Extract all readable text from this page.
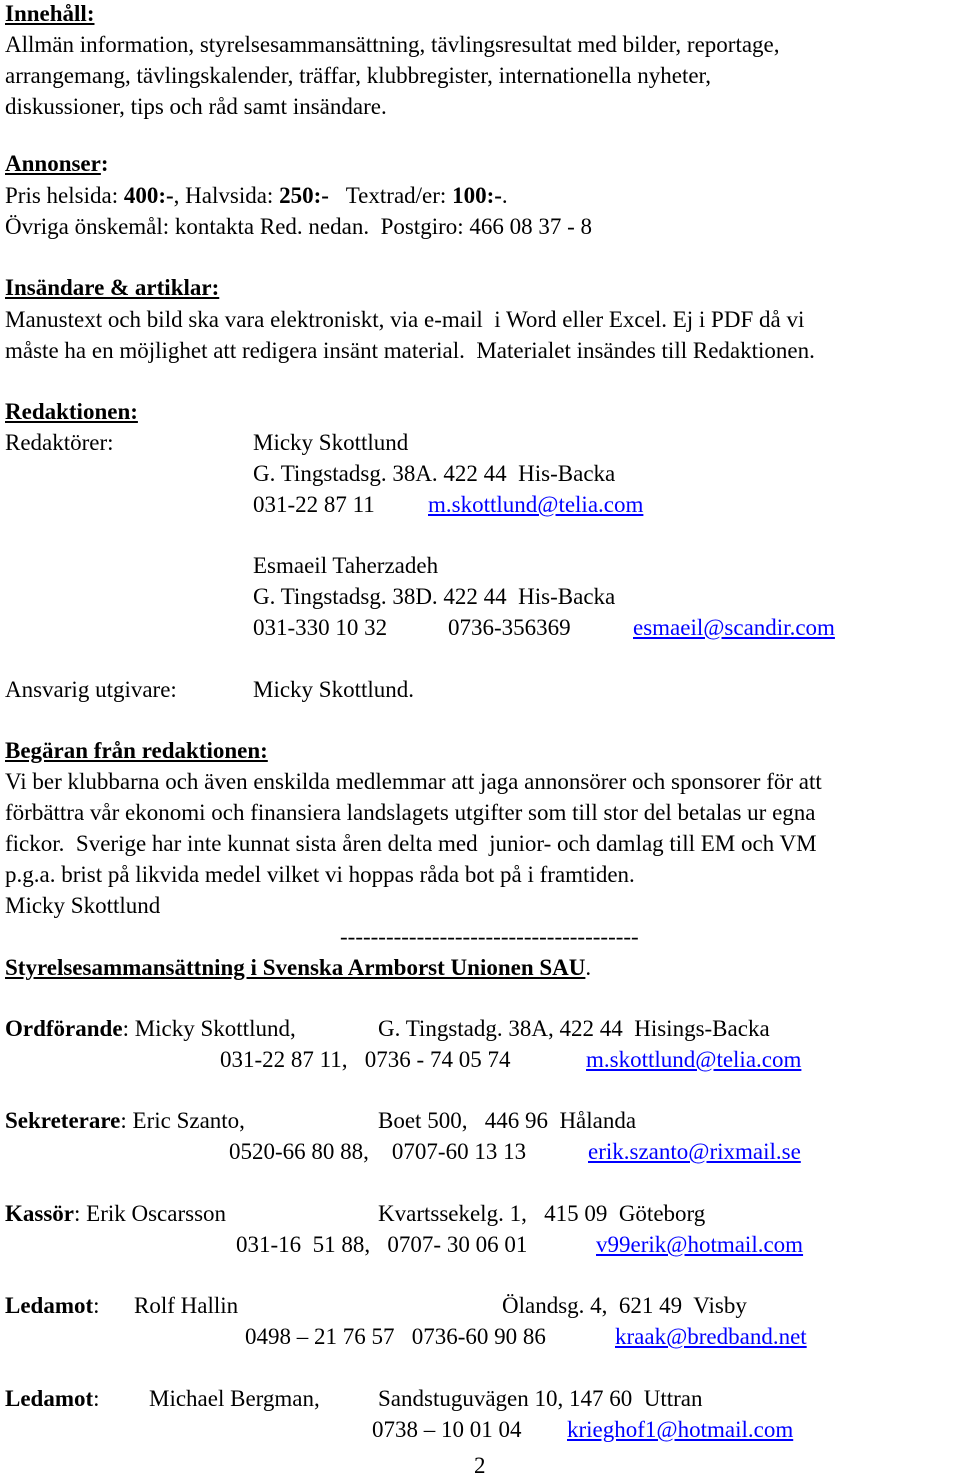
Innehåll:
Allmän information, styrelsesammansättning, tävlingsresultat med bilder, reportage,
arrangemang, tävlingskalender, träffar, klubbregister, internationella nyheter,
diskussioner, tips och råd samt insändare.
Annonser:
Pris helsida: 400:-, Halvsida: 250:-   Textrad/er: 100:-.
Övriga önskemål: kontakta Red. nedan.  Postgiro: 466 08 37 - 8
Insändare & artiklar:
Manustext och bild ska vara elektroniskt, via e-mail  i Word eller Excel. Ej i PDF då vi
måste ha en möjlighet att redigera insänt material.  Materialet insändes till Redaktionen.
Redaktionen:
Redaktörer:	Micky Skottlund
G. Tingstadsg. 38A. 422 44  His-Backa
031-22 87 11 m.skottlund@telia.com
Esmaeil Taherzadeh
G. Tingstadsg. 38D. 422 44  His-Backa
031-330 10 32	0736-356369	esmaeil@scandir.com
Ansvarig utgivare:	Micky Skottlund.
Begäran från redaktionen:
Vi ber klubbarna och även enskilda medlemmar att jaga annonsörer och sponsorer för att
förbättra vår ekonomi och finansiera landslagets utgifter som till stor del betalas ur egna
fickor.  Sverige har inte kunnat sista åren delta med  junior- och damlag till EM och VM
p.g.a. brist på likvida medel vilket vi hoppas råda bot på i framtiden.
Micky Skottlund
---------------------------------------
Styrelsesammansättning i Svenska Armborst Unionen SAU.
Ordförande: Micky Skottlund,	G. Tingstadg. 38A, 422 44  Hisings-Backa
031-22 87 11,   0736 - 74 05 74	m.skottlund@telia.com
Sekreterare: Eric Szanto,	Boet 500,   446 96  Hålanda
0520-66 80 88,    0707-60 13 13	erik.szanto@rixmail.se
Kassör: Erik Oscarsson	Kvartssekelg. 1,   415 09  Göteborg
031-16  51 88,   0707- 30 06 01	v99erik@hotmail.com
Ledamot: Rolf Hallin	Ölandsg. 4,  621 49  Visby
0498 – 21 76 57   0736-60 90 86	kraak@bredband.net
Ledamot: Michael Bergman,	Sandstuguvägen 10, 147 60  Uttran
0738 – 10 01 04 krieghof1@hotmail.com
2
